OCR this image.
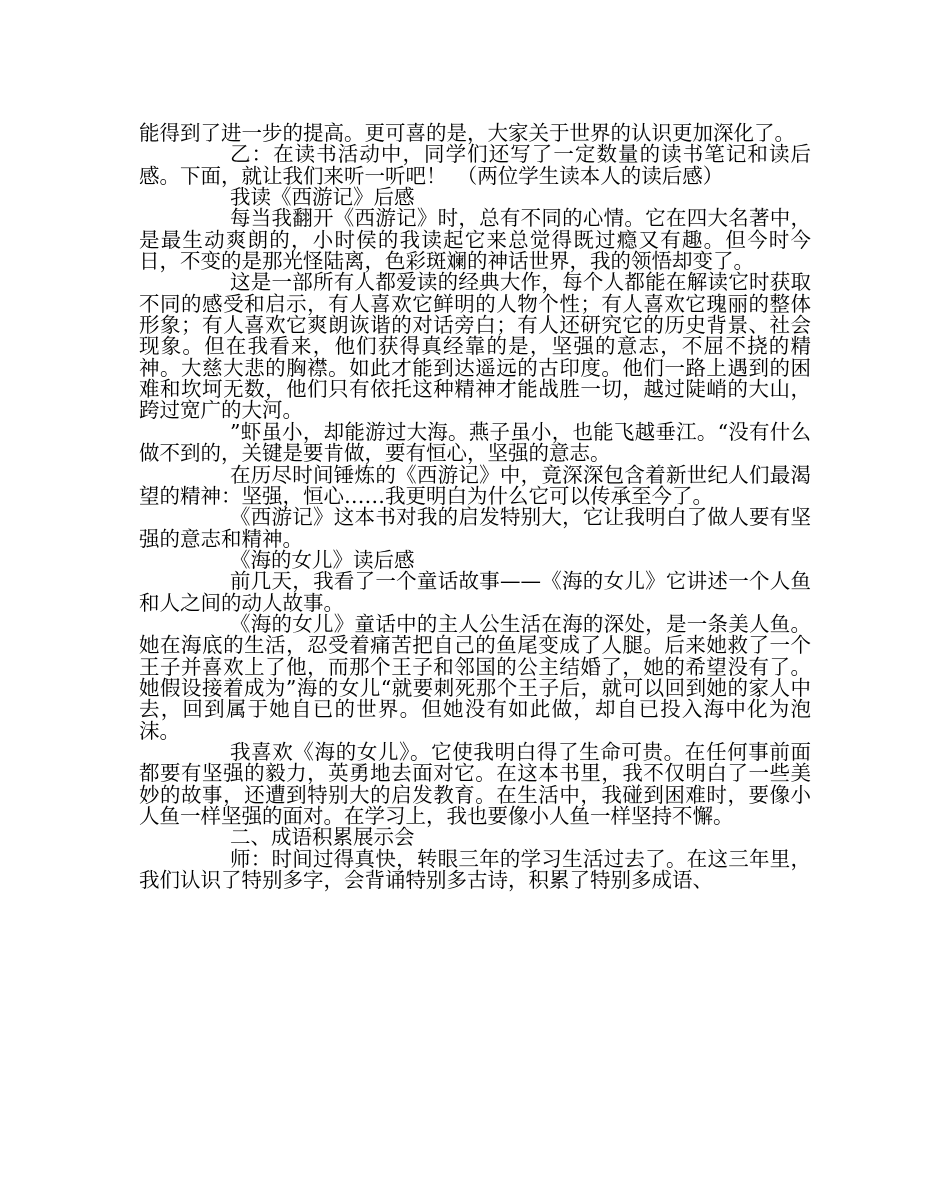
能得到了进一步的提高。更可喜的是，大家关于世界的认识更加深化了。

乙：在读书活动中，同学们还写了一定数量的读书笔记和读后感。下面，就让我们来听一听吧！　（两位学生读本人的读后感）

我读《西游记》后感

每当我翻开《西游记》时，总有不同的心情。它在四大名著中，是最生动爽朗的，小时侯的我读起它来总觉得既过瘾又有趣。但今时今日，不变的是那光怪陆离，色彩斑斓的神话世界，我的领悟却变了。

这是一部所有人都爱读的经典大作，每个人都能在解读它时获取不同的感受和启示，有人喜欢它鲜明的人物个性；有人喜欢它瑰丽的整体形象；有人喜欢它爽朗诙谐的对话旁白；有人还研究它的历史背景、社会现象。但在我看来，他们获得真经靠的是，坚强的意志，不屈不挠的精神。大慈大悲的胸襟。如此才能到达遥远的古印度。他们一路上遇到的困难和坎坷无数，他们只有依托这种精神才能战胜一切，越过陡峭的大山，跨过宽广的大河。

”虾虽小，却能游过大海。燕子虽小，也能飞越垂江。“没有什么做不到的，关键是要肯做，要有恒心，坚强的意志。

在历尽时间锤炼的《西游记》中，竟深深包含着新世纪人们最渴望的精神：坚强，恒心……我更明白为什么它可以传承至今了。

《西游记》这本书对我的启发特别大，它让我明白了做人要有坚强的意志和精神。

《海的女儿》读后感

前几天，我看了一个童话故事——《海的女儿》它讲述一个人鱼和人之间的动人故事。

《海的女儿》童话中的主人公生活在海的深处，是一条美人鱼。她在海底的生活，忍受着痛苦把自己的鱼尾变成了人腿。后来她救了一个王子并喜欢上了他，而那个王子和邻国的公主结婚了，她的希望没有了。她假设接着成为”海的女儿“就要刺死那个王子后，就可以回到她的家人中去，回到属于她自已的世界。但她没有如此做，却自已投入海中化为泡沫。

我喜欢《海的女儿》。它使我明白得了生命可贵。在任何事前面都要有坚强的毅力，英勇地去面对它。在这本书里，我不仅明白了一些美妙的故事，还遭到特别大的启发教育。在生活中，我碰到困难时，要像小人鱼一样坚强的面对。在学习上，我也要像小人鱼一样坚持不懈。

二、成语积累展示会

师：时间过得真快，转眼三年的学习生活过去了。在这三年里，我们认识了特别多字，会背诵特别多古诗，积累了特别多成语、
